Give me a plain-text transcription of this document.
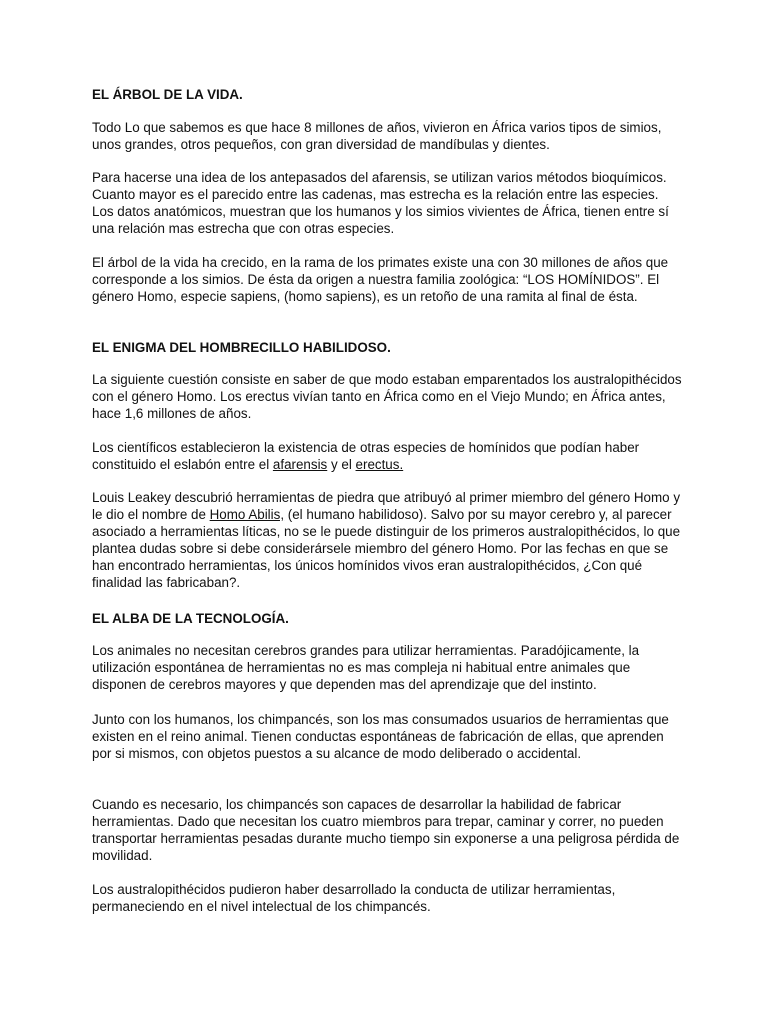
EL ÁRBOL DE LA VIDA.

Todo Lo que sabemos es que hace 8 millones de años, vivieron en África varios tipos de simios, unos grandes, otros pequeños, con gran diversidad de mandíbulas y dientes.

Para hacerse una idea de los antepasados del afarensis, se utilizan varios métodos bioquímicos. Cuanto mayor es el parecido entre las cadenas, mas estrecha es la relación entre las especies. Los datos anatómicos, muestran que los humanos y los simios vivientes de África, tienen entre sí una relación mas estrecha que con otras especies.

El árbol de la vida ha crecido, en la rama de los primates existe una con 30 millones de años que corresponde a los simios. De ésta da origen a nuestra familia zoológica: “LOS HOMÍNIDOS”. El género Homo, especie sapiens, (homo sapiens), es un retoño de una ramita al final de ésta.

EL ENIGMA DEL HOMBRECILLO HABILIDOSO.

La siguiente cuestión consiste en saber de que modo estaban emparentados los australopithécidos con el género Homo. Los erectus vivían tanto en África como en el Viejo Mundo; en África antes, hace 1,6 millones de años.

Los científicos establecieron la existencia de otras especies de homínidos que podían haber constituido el eslabón entre el afarensis y el erectus.

Louis Leakey descubrió herramientas de piedra que atribuyó al primer miembro del género Homo y le dio el nombre de Homo Abilis, (el humano habilidoso). Salvo por su mayor cerebro y, al parecer asociado a herramientas líticas, no se le puede distinguir de los primeros australopithécidos, lo que plantea dudas sobre si debe considerársele miembro del género Homo. Por las fechas en que se han encontrado herramientas, los únicos homínidos vivos eran australopithécidos, ¿Con qué finalidad las fabricaban?.

EL ALBA DE LA TECNOLOGÍA.

Los animales no necesitan cerebros grandes para utilizar herramientas. Paradójicamente, la utilización espontánea de herramientas no es mas compleja ni habitual entre animales que disponen de cerebros mayores y que dependen mas del aprendizaje que del instinto.

Junto con los humanos, los chimpancés, son los mas consumados usuarios de herramientas que existen en el reino animal. Tienen conductas espontáneas de fabricación de ellas, que aprenden por si mismos, con objetos puestos a su alcance de modo deliberado o accidental.

Cuando es necesario, los chimpancés son capaces de desarrollar la habilidad de fabricar herramientas. Dado que necesitan los cuatro miembros para trepar, caminar y correr, no pueden transportar herramientas pesadas durante mucho tiempo sin exponerse a una peligrosa pérdida de movilidad.

Los australopithécidos pudieron haber desarrollado la conducta de utilizar herramientas, permaneciendo en el nivel intelectual de los chimpancés.
